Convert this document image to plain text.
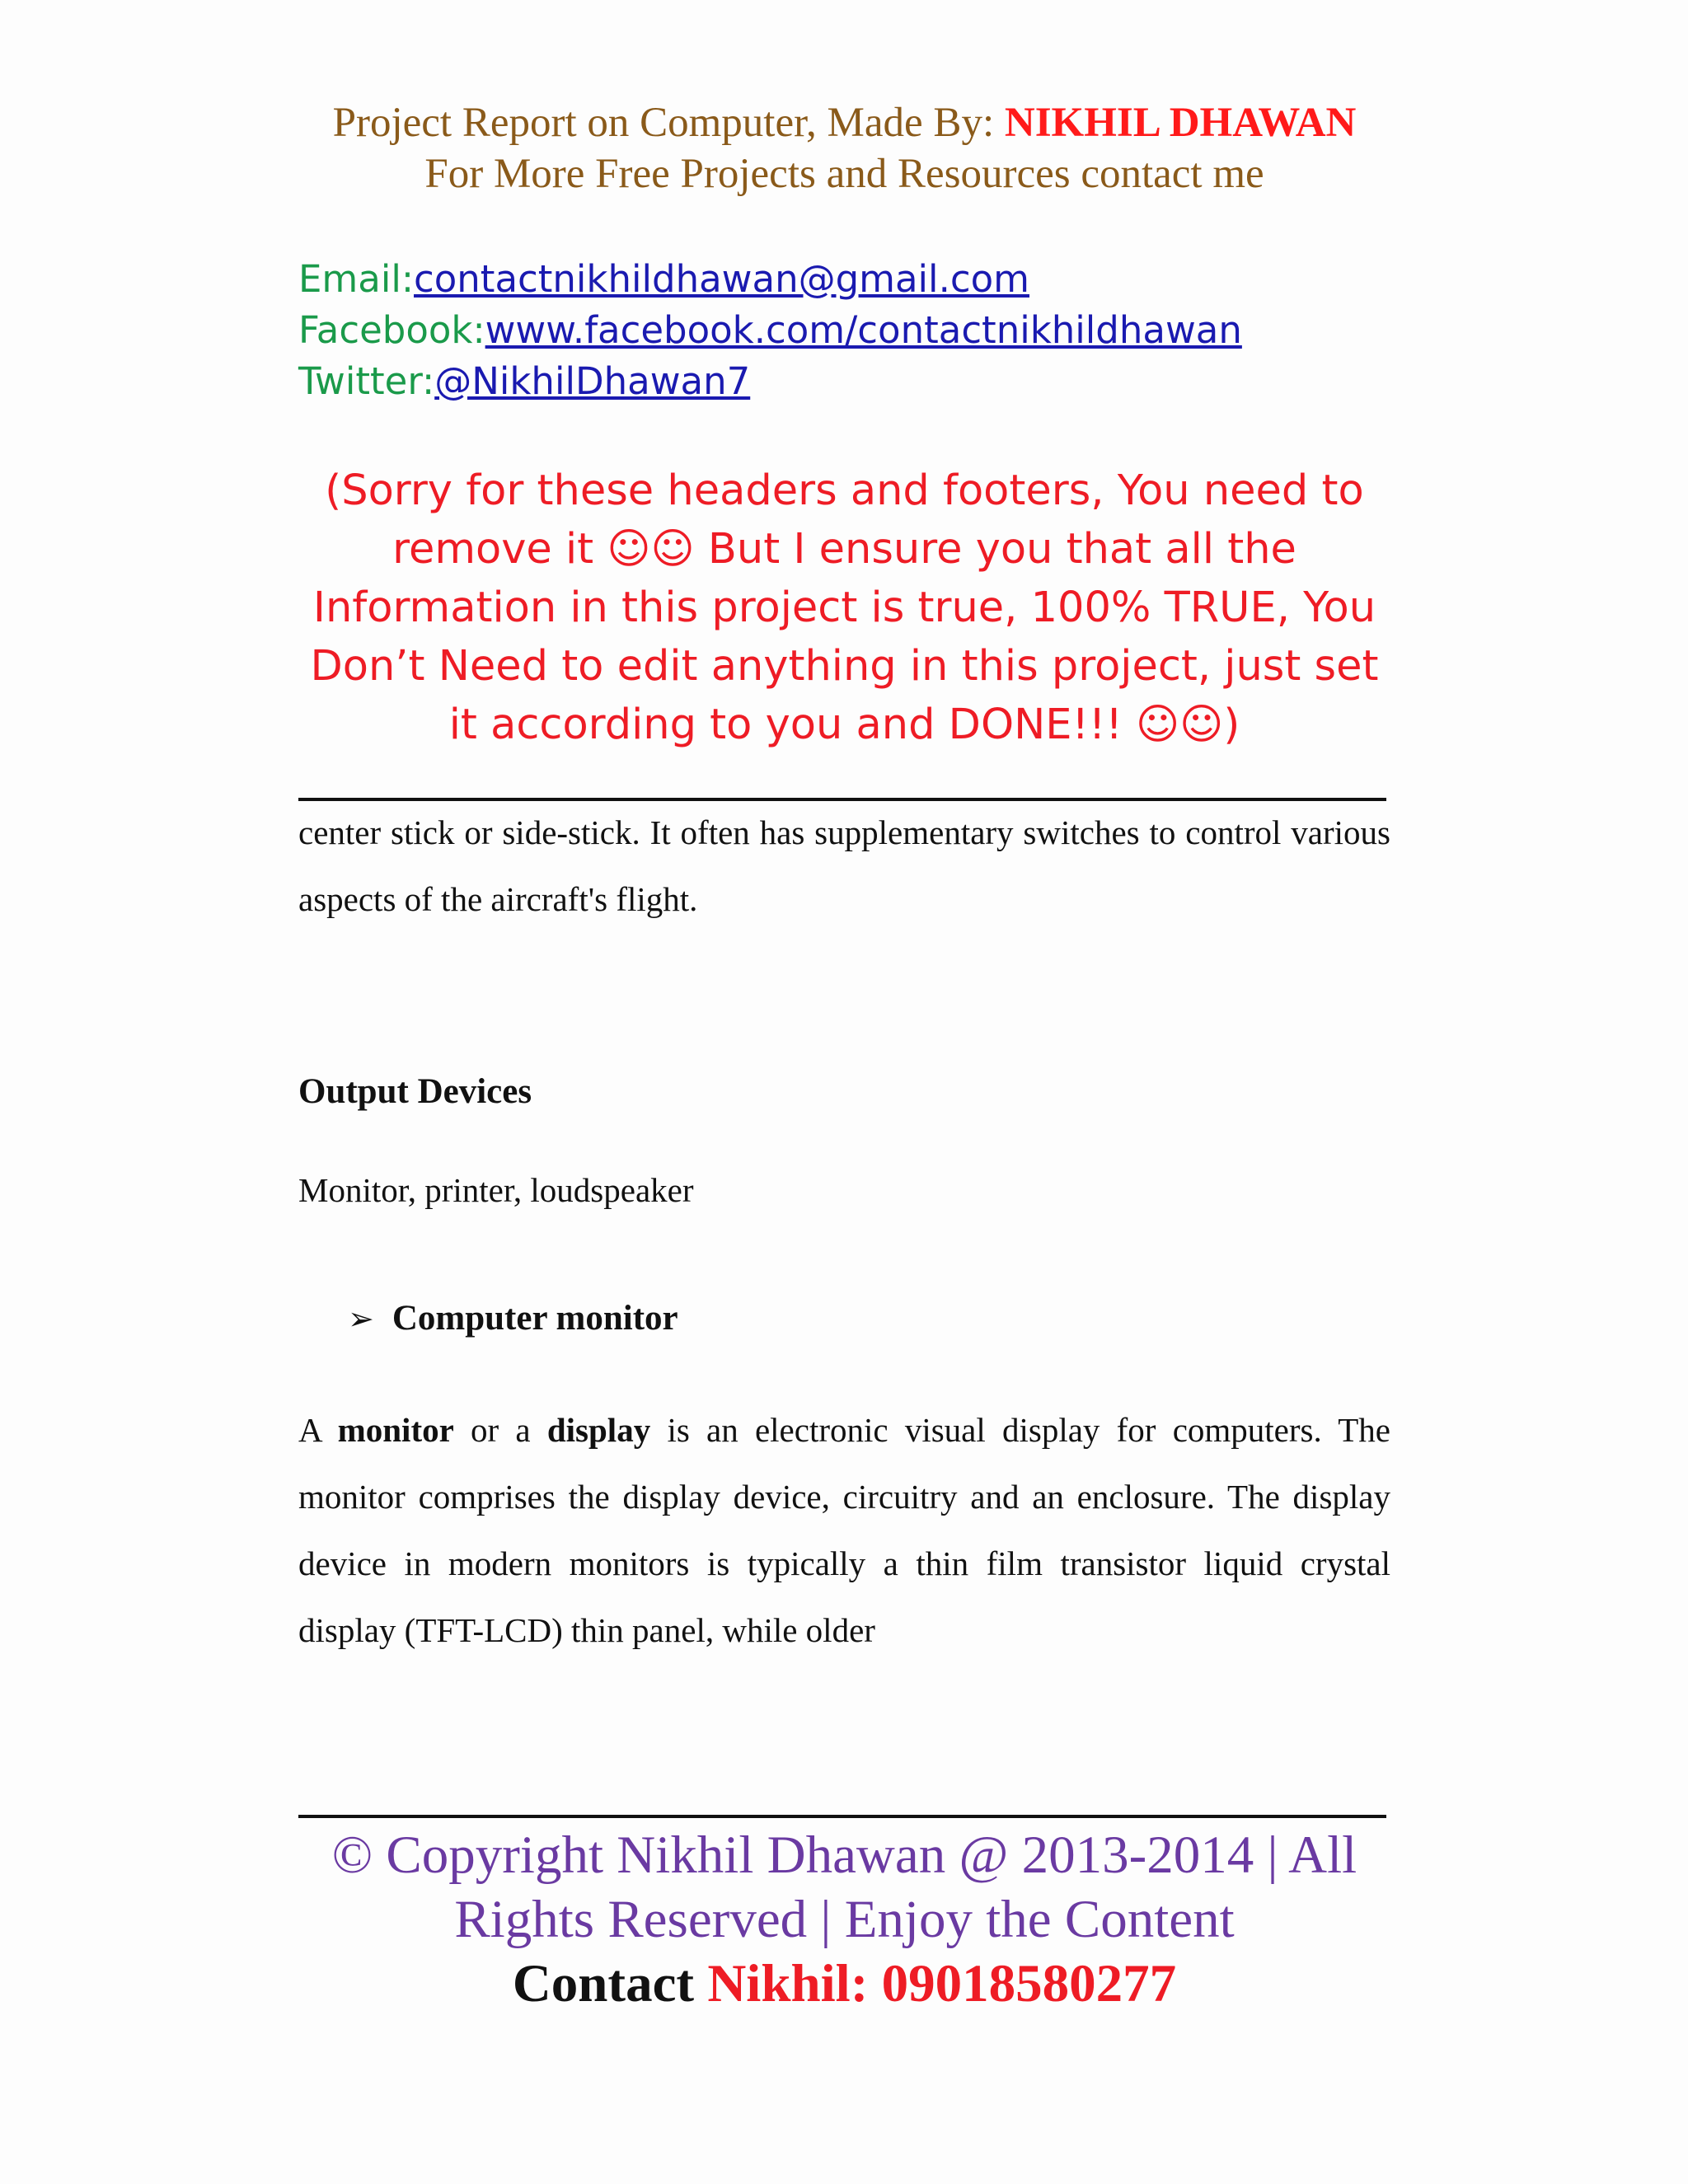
Project Report on Computer, Made By: NIKHIL DHAWAN
For More Free Projects and Resources contact me
Email:contactnikhildhawan@gmail.com
Facebook:www.facebook.com/contactnikhildhawan
Twitter:@NikhilDhawan7
(Sorry for these headers and footers, You need to remove it ☺☺ But I ensure you that all the Information in this project is true, 100% TRUE, You Don’t Need to edit anything in this project, just set it according to you and DONE!!! ☺☺)
center stick or side-stick. It often has supplementary switches to control various aspects of the aircraft's flight.
Output Devices
Monitor, printer, loudspeaker
➢ Computer monitor
A monitor or a display is an electronic visual display for computers. The monitor comprises the display device, circuitry and an enclosure. The display device in modern monitors is typically a thin film transistor liquid crystal display (TFT-LCD) thin panel, while older
© Copyright Nikhil Dhawan @ 2013-2014 | All Rights Reserved | Enjoy the Content
Contact Nikhil: 09018580277
